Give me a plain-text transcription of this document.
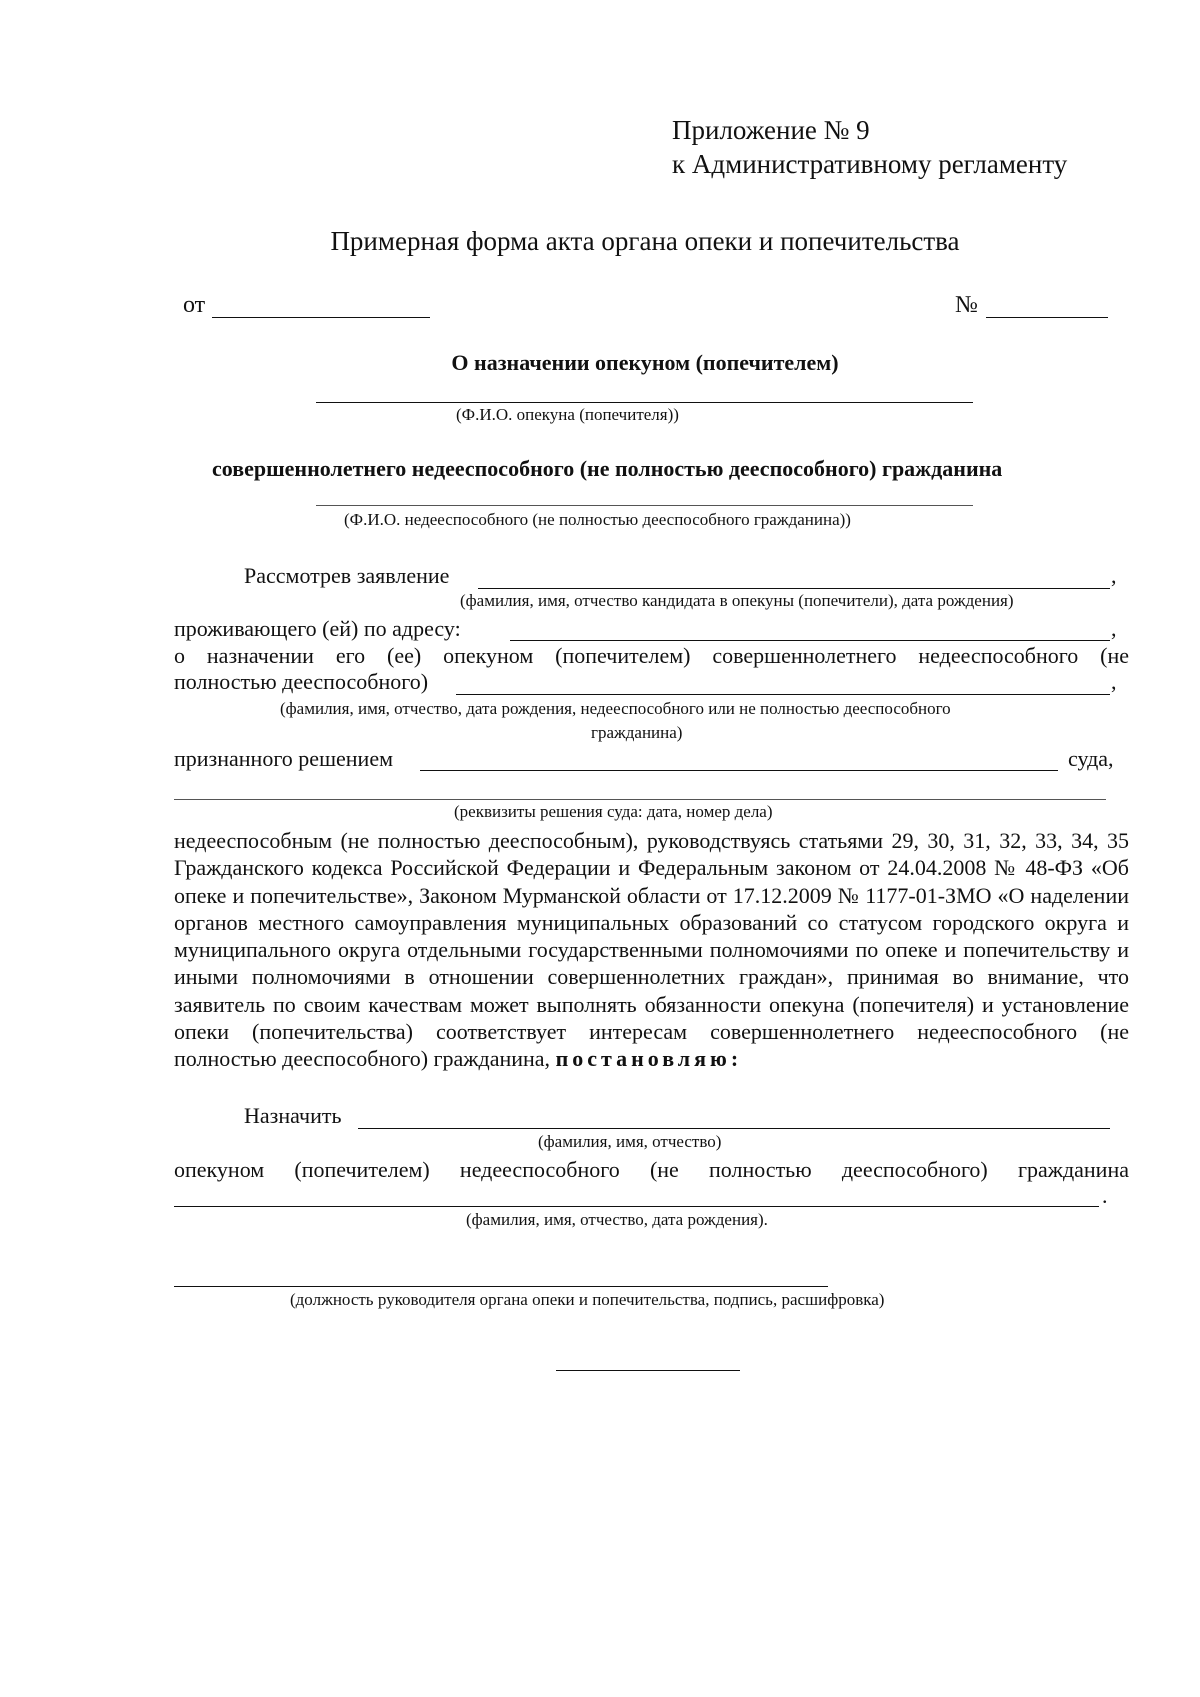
Приложение № 9
к Административному регламенту
Примерная форма акта органа опеки и попечительства
от	№
О назначении опекуном (попечителем)
(Ф.И.О. опекуна (попечителя))
совершеннолетнего недееспособного (не полностью дееспособного) гражданина
(Ф.И.О. недееспособного (не полностью дееспособного гражданина))
Рассмотрев заявление	,
(фамилия, имя, отчество кандидата в опекуны (попечители), дата рождения)
проживающего (ей) по адресу:	,
о назначении его (ее) опекуном (попечителем) совершеннолетнего недееспособного (не
полностью дееспособного)	,
(фамилия, имя, отчество, дата рождения, недееспособного или не полностью дееспособного
гражданина)
признанного решением	суда,
(реквизиты решения суда: дата, номер дела)
недееспособным (не полностью дееспособным), руководствуясь статьями 29, 30, 31, 32, 33, 34, 35 Гражданского кодекса Российской Федерации и Федеральным законом от 24.04.2008 № 48-ФЗ «Об опеке и попечительстве», Законом Мурманской области от 17.12.2009 № 1177-01-ЗМО «О наделении органов местного самоуправления муниципальных образований со статусом городского округа и муниципального округа отдельными государственными полномочиями по опеке и попечительству и иными полномочиями в отношении совершеннолетних граждан», принимая во внимание, что заявитель по своим качествам может выполнять обязанности опекуна (попечителя) и установление опеки (попечительства) соответствует интересам совершеннолетнего недееспособного (не полностью дееспособного) гражданина, постановляю:
Назначить
(фамилия, имя, отчество)
опекуном (попечителем) недееспособного (не полностью дееспособного) гражданина
.
(фамилия, имя, отчество, дата рождения).
(должность руководителя органа опеки и попечительства, подпись, расшифровка)
